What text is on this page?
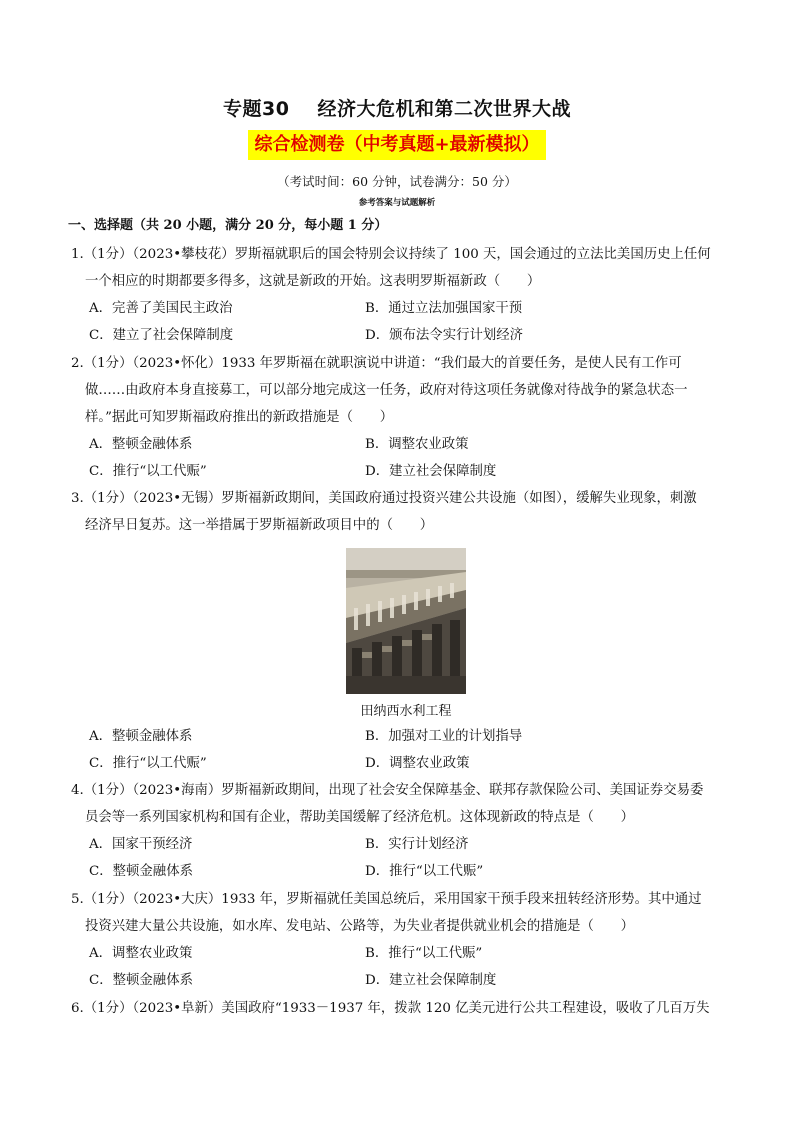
专题30 经济大危机和第二次世界大战
综合检测卷（中考真题+最新模拟）
（考试时间：60 分钟，试卷满分：50 分）
参考答案与试题解析
一、选择题（共 20 小题，满分 20 分，每小题 1 分）
1.（1分）（2023•攀枝花）罗斯福就职后的国会特别会议持续了 100 天，国会通过的立法比美国历史上任何
一个相应的时期都要多得多，这就是新政的开始。这表明罗斯福新政（　　）
A．完善了美国民主政治	B．通过立法加强国家干预
C．建立了社会保障制度	D．颁布法令实行计划经济
2.（1分）（2023•怀化）1933 年罗斯福在就职演说中讲道：“我们最大的首要任务，是使人民有工作可
做……由政府本身直接募工，可以部分地完成这一任务，政府对待这项任务就像对待战争的紧急状态一
样。”据此可知罗斯福政府推出的新政措施是（　　）
A．整顿金融体系	B．调整农业政策
C．推行“以工代赈”	D．建立社会保障制度
3.（1分）（2023•无锡）罗斯福新政期间，美国政府通过投资兴建公共设施（如图），缓解失业现象，刺激
经济早日复苏。这一举措属于罗斯福新政项目中的（　　）
田纳西水利工程
A．整顿金融体系	B．加强对工业的计划指导
C．推行“以工代赈”	D．调整农业政策
4.（1分）（2023•海南）罗斯福新政期间，出现了社会安全保障基金、联邦存款保险公司、美国证券交易委
员会等一系列国家机构和国有企业，帮助美国缓解了经济危机。这体现新政的特点是（　　）
A．国家干预经济	B．实行计划经济
C．整顿金融体系	D．推行“以工代赈”
5.（1分）（2023•大庆）1933 年，罗斯福就任美国总统后，采用国家干预手段来扭转经济形势。其中通过
投资兴建大量公共设施，如水库、发电站、公路等，为失业者提供就业机会的措施是（　　）
A．调整农业政策	B．推行“以工代赈”
C．整顿金融体系	D．建立社会保障制度
6.（1分）（2023•阜新）美国政府“1933－1937 年，拨款 120 亿美元进行公共工程建设，吸收了几百万失
